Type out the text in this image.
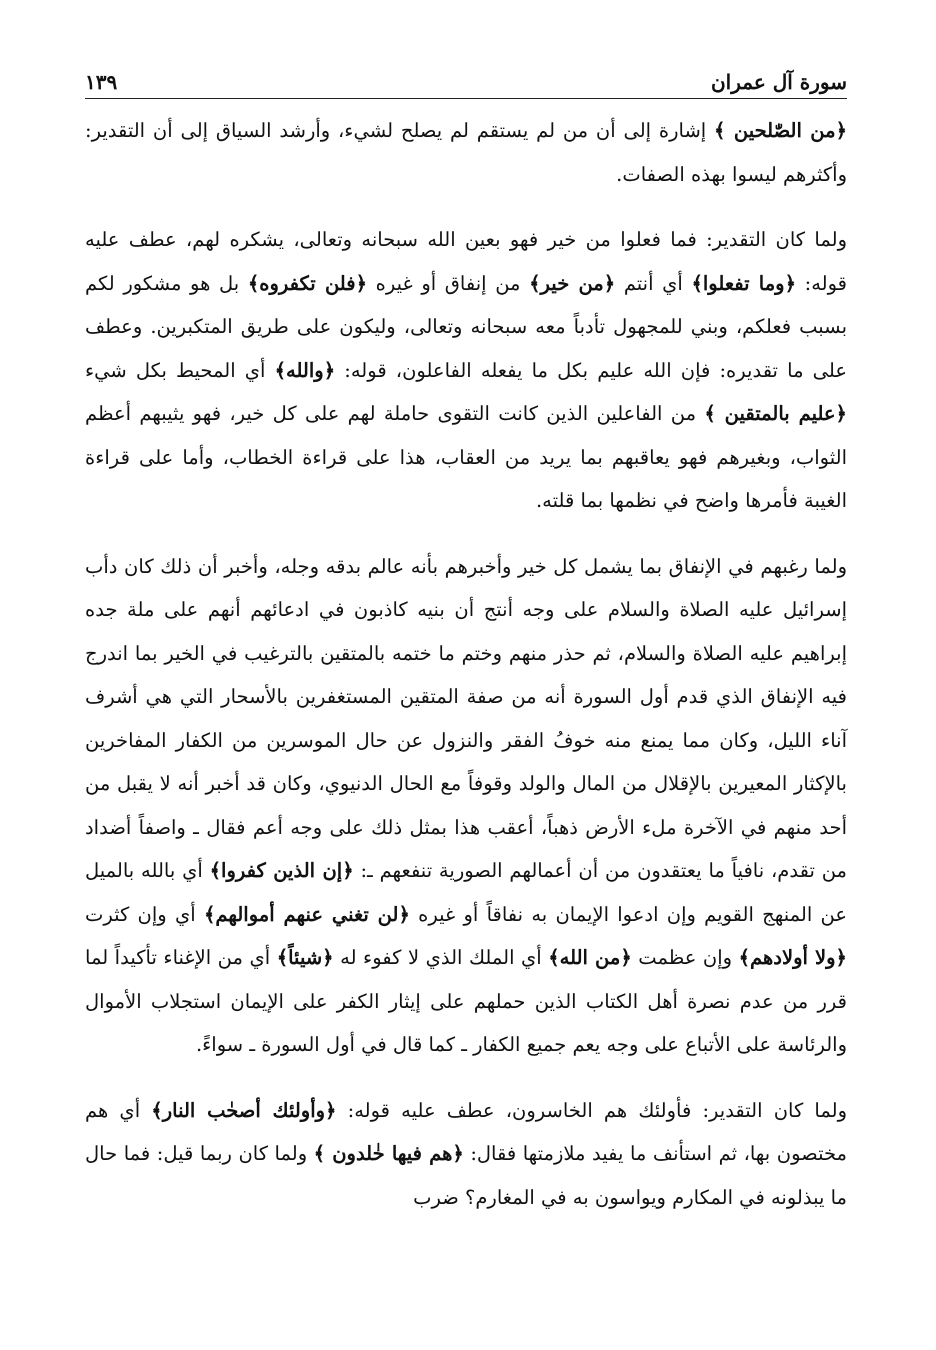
سورة آل عمران
١٣٩

﴿من الصّٰلحين ﴾ إشارة إلى أن من لم يستقم لم يصلح لشيء، وأرشد السياق إلى أن التقدير: وأكثرهم ليسوا بهذه الصفات.

ولما كان التقدير: فما فعلوا من خير فهو بعين الله سبحانه وتعالى، يشكره لهم، عطف عليه قوله: ﴿وما تفعلوا﴾ أي أنتم ﴿من خير﴾ من إنفاق أو غيره ﴿فلن تكفروه﴾ بل هو مشكور لكم بسبب فعلكم، وبني للمجهول تأدباً معه سبحانه وتعالى، وليكون على طريق المتكبرين. وعطف على ما تقديره: فإن الله عليم بكل ما يفعله الفاعلون، قوله: ﴿والله﴾ أي المحيط بكل شيء ﴿عليم بالمتقين ﴾ من الفاعلين الذين كانت التقوى حاملة لهم على كل خير، فهو يثيبهم أعظم الثواب، وبغيرهم فهو يعاقبهم بما يريد من العقاب، هذا على قراءة الخطاب، وأما على قراءة الغيبة فأمرها واضح في نظمها بما قلته.

ولما رغبهم في الإنفاق بما يشمل كل خير وأخبرهم بأنه عالم بدقه وجله، وأخبر أن ذلك كان دأب إسرائيل عليه الصلاة والسلام على وجه أنتج أن بنيه كاذبون في ادعائهم أنهم على ملة جده إبراهيم عليه الصلاة والسلام، ثم حذر منهم وختم ما ختمه بالمتقين بالترغيب في الخير بما اندرج فيه الإنفاق الذي قدم أول السورة أنه من صفة المتقين المستغفرين بالأسحار التي هي أشرف آناء الليل، وكان مما يمنع منه خوفُ الفقر والنزول عن حال الموسرين من الكفار المفاخرين بالإكثار المعيرين بالإقلال من المال والولد وقوفاً مع الحال الدنيوي، وكان قد أخبر أنه لا يقبل من أحد منهم في الآخرة ملء الأرض ذهباً، أعقب هذا بمثل ذلك على وجه أعم فقال ـ واصفاً أضداد من تقدم، نافياً ما يعتقدون من أن أعمالهم الصورية تنفعهم ـ: ﴿إن الذين كفروا﴾ أي بالله بالميل عن المنهج القويم وإن ادعوا الإيمان به نفاقاً أو غيره ﴿لن تغني عنهم أموالهم﴾ أي وإن كثرت ﴿ولا أولادهم﴾ وإن عظمت ﴿من الله﴾ أي الملك الذي لا كفوء له ﴿شيئاً﴾ أي من الإغناء تأكيداً لما قرر من عدم نصرة أهل الكتاب الذين حملهم على إيثار الكفر على الإيمان استجلاب الأموال والرئاسة على الأتباع على وجه يعم جميع الكفار ـ كما قال في أول السورة ـ سواءً.

ولما كان التقدير: فأولئك هم الخاسرون، عطف عليه قوله: ﴿وأولئك أصحٰب النار﴾ أي هم مختصون بها، ثم استأنف ما يفيد ملازمتها فقال: ﴿هم فيها خٰلدون ﴾ ولما كان ربما قيل: فما حال ما يبذلونه في المكارم ويواسون به في المغارم؟ ضرب
